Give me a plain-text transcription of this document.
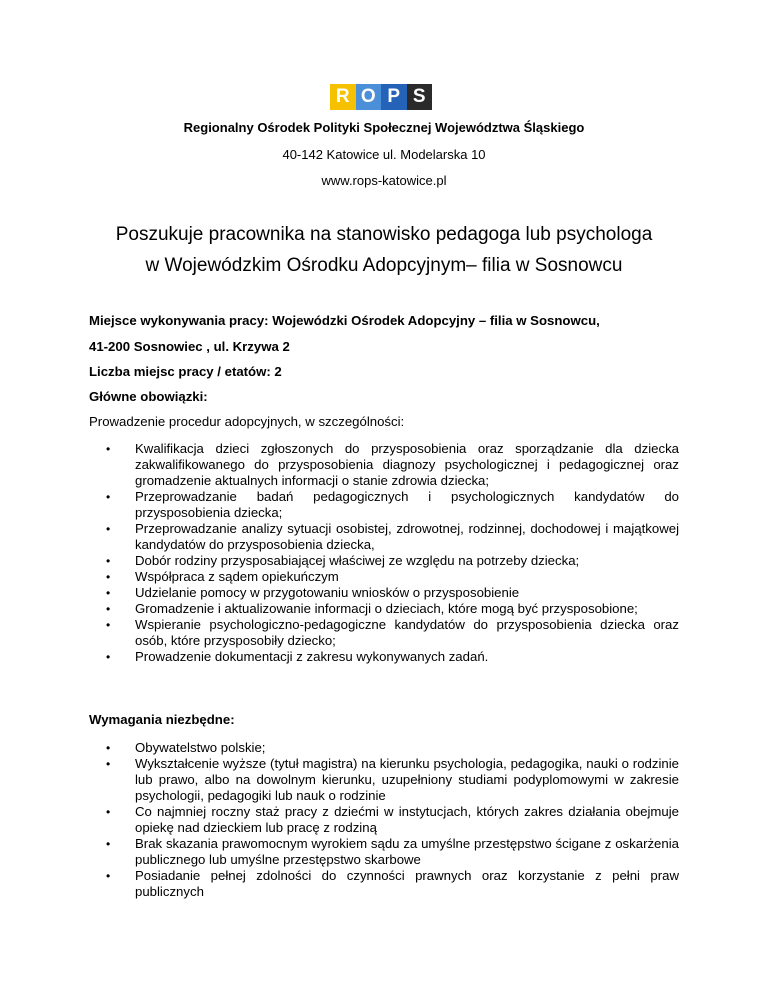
R O P S
Regionalny Ośrodek Polityki Społecznej Województwa Śląskiego
40-142 Katowice ul. Modelarska 10
www.rops-katowice.pl
Poszukuje pracownika na stanowisko pedagoga lub psychologa
w Wojewódzkim Ośrodku Adopcyjnym– filia w Sosnowcu
Miejsce wykonywania pracy: Wojewódzki Ośrodek Adopcyjny – filia w Sosnowcu,
41-200 Sosnowiec , ul. Krzywa 2
Liczba miejsc pracy / etatów: 2
Główne obowiązki:
Prowadzenie procedur adopcyjnych, w szczególności:
• Kwalifikacja dzieci zgłoszonych do przysposobienia oraz sporządzanie dla dziecka zakwalifikowanego do przysposobienia diagnozy psychologicznej i pedagogicznej oraz gromadzenie aktualnych informacji o stanie zdrowia dziecka;
• Przeprowadzanie badań pedagogicznych i psychologicznych kandydatów do przysposobienia dziecka;
• Przeprowadzanie analizy sytuacji osobistej, zdrowotnej, rodzinnej, dochodowej i majątkowej kandydatów do przysposobienia dziecka,
• Dobór rodziny przysposabiającej właściwej ze względu na potrzeby dziecka;
• Współpraca z sądem opiekuńczym
• Udzielanie pomocy w przygotowaniu wniosków o przysposobienie
• Gromadzenie i aktualizowanie informacji o dzieciach, które mogą być przysposobione;
• Wspieranie psychologiczno-pedagogiczne kandydatów do przysposobienia dziecka oraz osób, które przysposobiły dziecko;
• Prowadzenie dokumentacji z zakresu wykonywanych zadań.
Wymagania niezbędne:
• Obywatelstwo polskie;
• Wykształcenie wyższe (tytuł magistra) na kierunku psychologia, pedagogika, nauki o rodzinie lub prawo, albo na dowolnym kierunku, uzupełniony studiami podyplomowymi w zakresie psychologii, pedagogiki lub nauk o rodzinie
• Co najmniej roczny staż pracy z dziećmi w instytucjach, których zakres działania obejmuje opiekę nad dzieckiem lub pracę z rodziną
• Brak skazania prawomocnym wyrokiem sądu za umyślne przestępstwo ścigane z oskarżenia publicznego lub umyślne przestępstwo skarbowe
• Posiadanie pełnej zdolności do czynności prawnych oraz korzystanie z pełni praw publicznych
